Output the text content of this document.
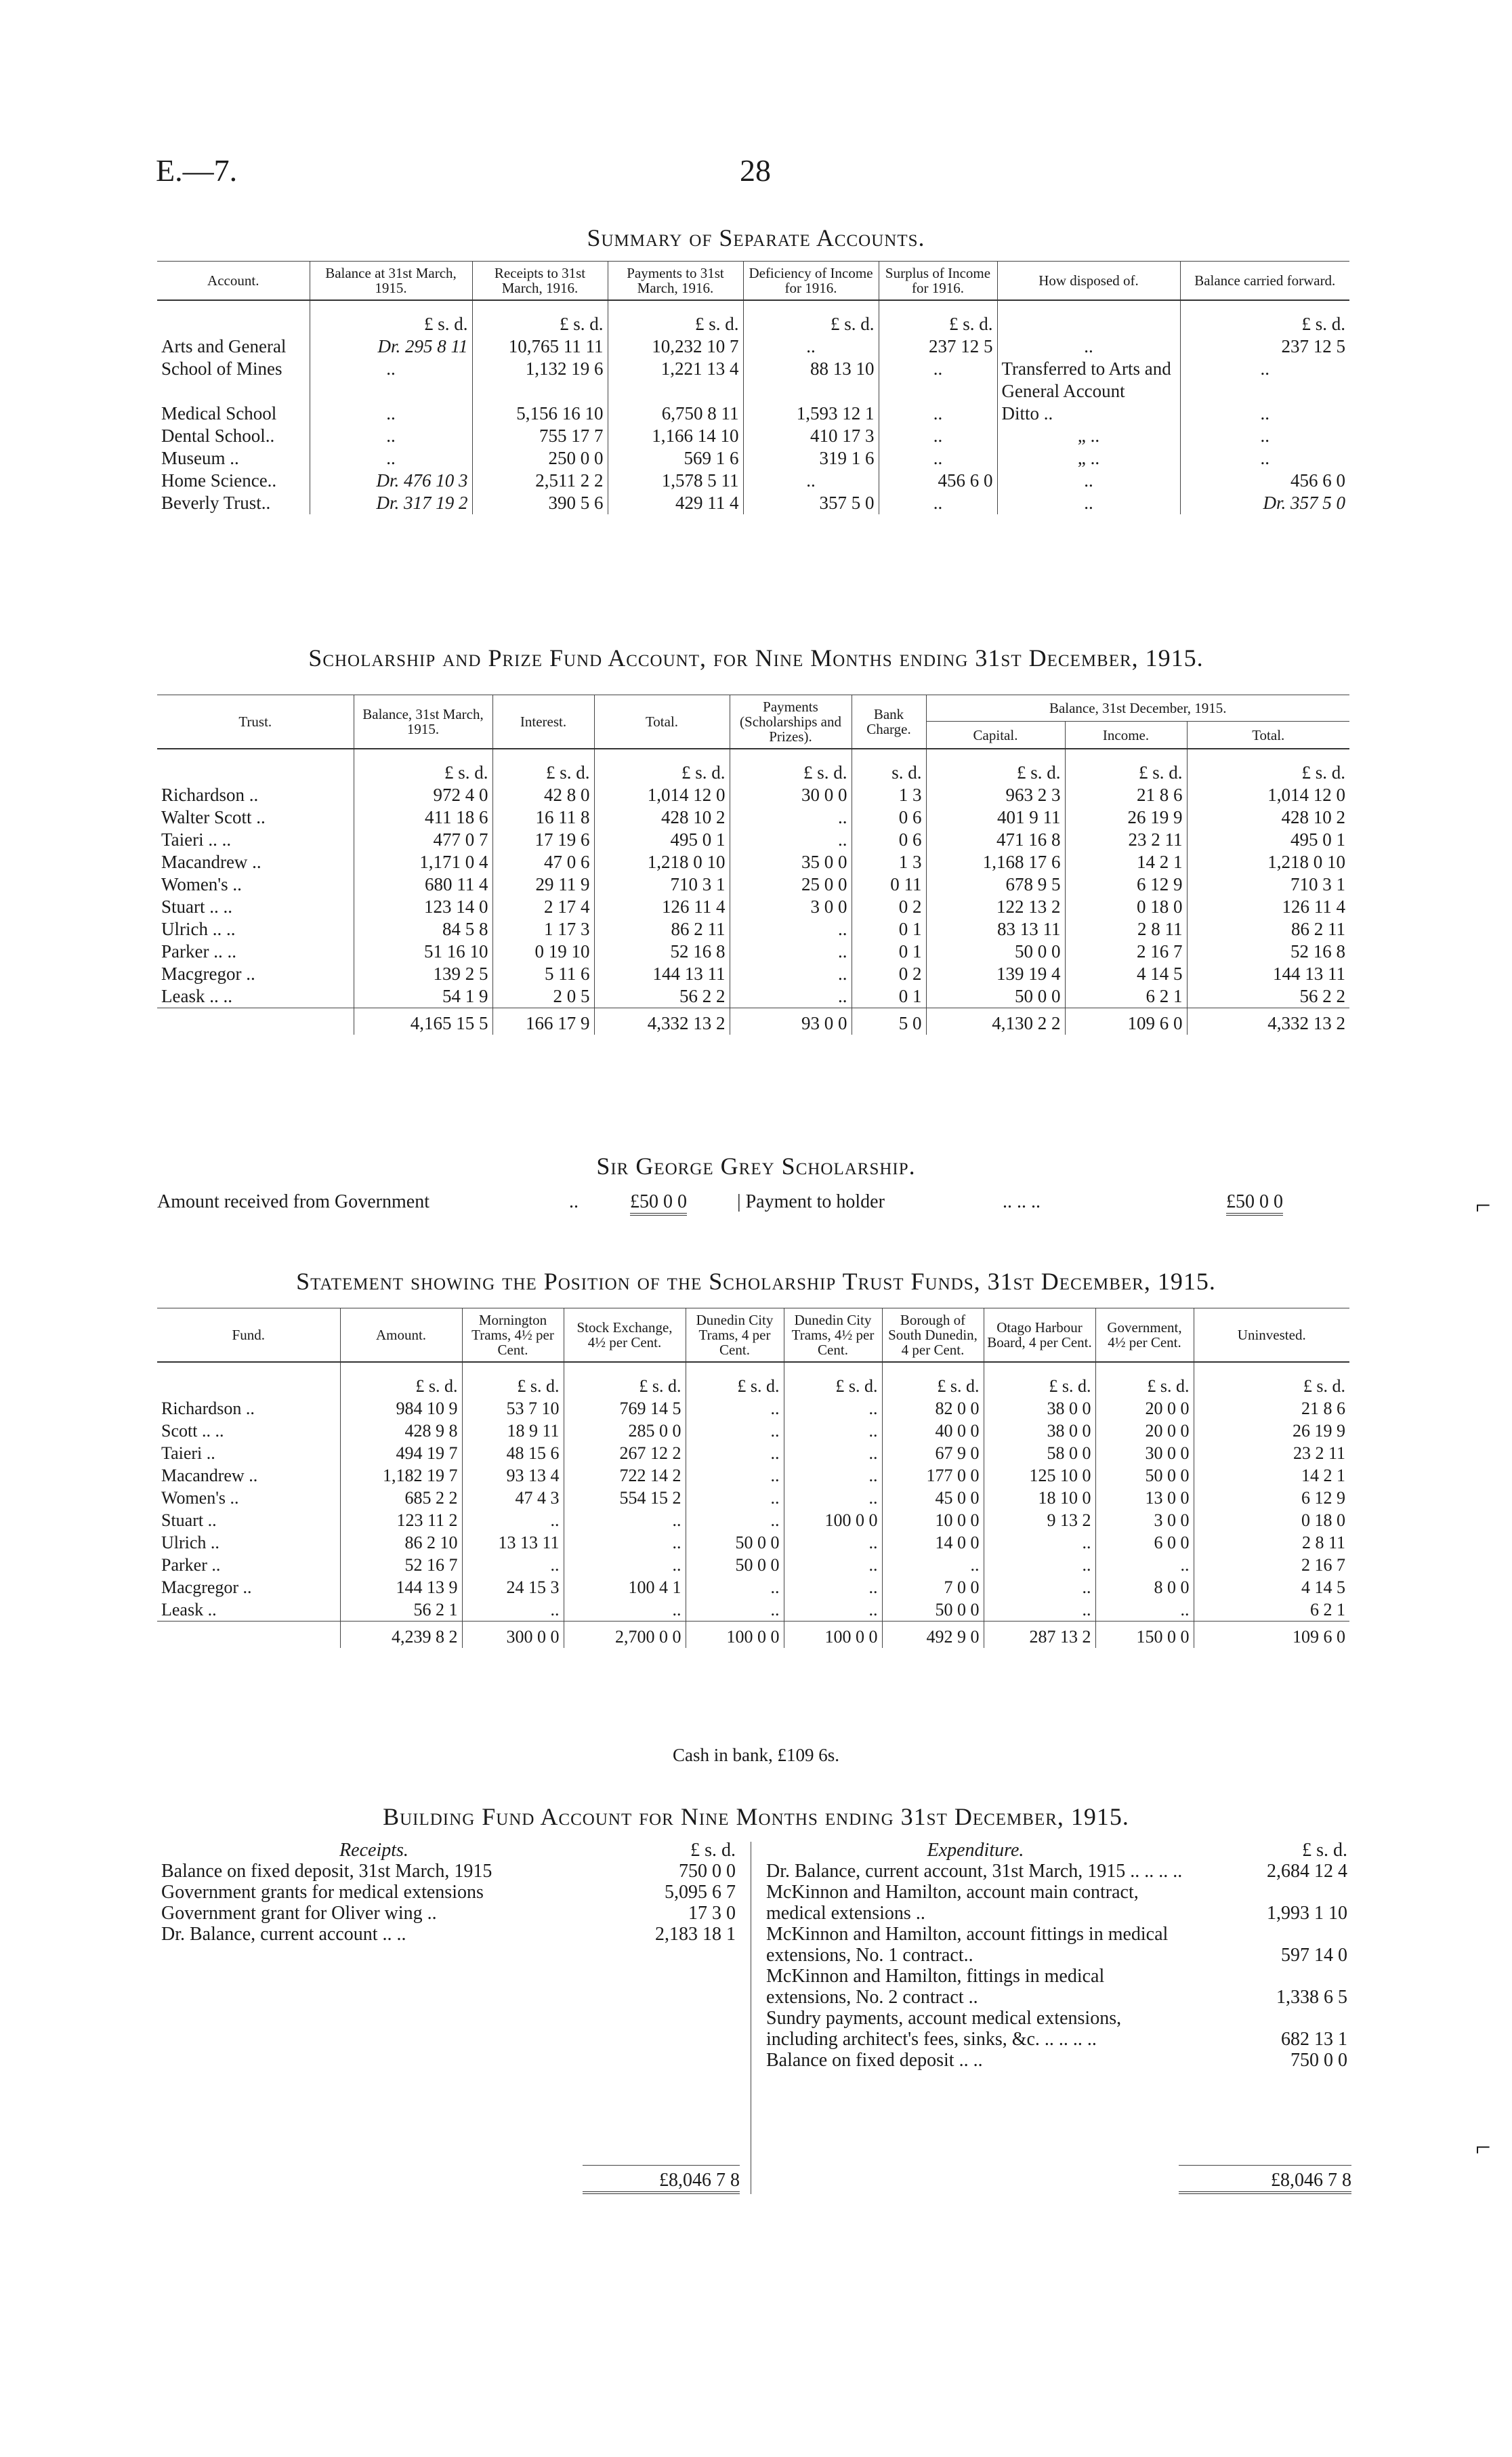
E.—7.	28
Summary of Separate Accounts.
Account.	Balance at 31st March, 1915.	Receipts to 31st March, 1916.	Payments to 31st March, 1916.	Deficiency of Income for 1916.	Surplus of Income for 1916.	How disposed of.	Balance carried forward.
	£ s. d.	£ s. d.	£ s. d.	£ s. d.	£ s. d.		£ s. d.
Arts and General	Dr. 295 8 11	10,765 11 11	10,232 10 7	..	237 12 5	..	237 12 5
School of Mines	..	1,132 19 6	1,221 13 4	88 13 10	..	Transferred to Arts and General Account	..
Medical School	..	5,156 16 10	6,750 8 11	1,593 12 1	..	Ditto ..	..
Dental School..	..	755 17 7	1,166 14 10	410 17 3	..	„ ..	..
Museum ..	..	250 0 0	569 1 6	319 1 6	..	„ ..	..
Home Science..	Dr. 476 10 3	2,511 2 2	1,578 5 11	..	456 6 0	..	456 6 0
Beverly Trust..	Dr. 317 19 2	390 5 6	429 11 4	357 5 0	..	..	Dr. 357 5 0
Scholarship and Prize Fund Account, for Nine Months ending 31st December, 1915.
Trust.	Balance, 31st March, 1915.	Interest.	Total.	Payments (Scholarships and Prizes).	Bank Charge.	Balance, 31st December, 1915.		
						Capital.	Income.	Total.
	£ s. d.	£ s. d.	£ s. d.	£ s. d.	s. d.	£ s. d.	£ s. d.	£ s. d.
Richardson ..	972 4 0	42 8 0	1,014 12 0	30 0 0	1 3	963 2 3	21 8 6	1,014 12 0
Walter Scott ..	411 18 6	16 11 8	428 10 2	..	0 6	401 9 11	26 19 9	428 10 2
Taieri .. ..	477 0 7	17 19 6	495 0 1	..	0 6	471 16 8	23 2 11	495 0 1
Macandrew ..	1,171 0 4	47 0 6	1,218 0 10	35 0 0	1 3	1,168 17 6	14 2 1	1,218 0 10
Women's ..	680 11 4	29 11 9	710 3 1	25 0 0	0 11	678 9 5	6 12 9	710 3 1
Stuart .. ..	123 14 0	2 17 4	126 11 4	3 0 0	0 2	122 13 2	0 18 0	126 11 4
Ulrich .. ..	84 5 8	1 17 3	86 2 11	..	0 1	83 13 11	2 8 11	86 2 11
Parker .. ..	51 16 10	0 19 10	52 16 8	..	0 1	50 0 0	2 16 7	52 16 8
Macgregor ..	139 2 5	5 11 6	144 13 11	..	0 2	139 19 4	4 14 5	144 13 11
Leask .. ..	54 1 9	2 0 5	56 2 2	..	0 1	50 0 0	6 2 1	56 2 2
	4,165 15 5	166 17 9	4,332 13 2	93 0 0	5 0	4,130 2 2	109 6 0	4,332 13 2
Sir George Grey Scholarship.
Amount received from Government	..	£50 0 0	| Payment to holder	.. .. ..	£50 0 0	⌐
Statement showing the Position of the Scholarship Trust Funds, 31st December, 1915.
Fund.	Amount.	Mornington Trams, 4½ per Cent.	Stock Exchange, 4½ per Cent.	Dunedin City Trams, 4 per Cent.	Dunedin City Trams, 4½ per Cent.	Borough of South Dunedin, 4 per Cent.	Otago Harbour Board, 4 per Cent.	Government, 4½ per Cent.	Uninvested.
	£ s. d.	£ s. d.	£ s. d.	£ s. d.	£ s. d.	£ s. d.	£ s. d.	£ s. d.	£ s. d.
Richardson ..	984 10 9	53 7 10	769 14 5	..	..	82 0 0	38 0 0	20 0 0	21 8 6
Scott .. ..	428 9 8	18 9 11	285 0 0	..	..	40 0 0	38 0 0	20 0 0	26 19 9
Taieri ..	494 19 7	48 15 6	267 12 2	..	..	67 9 0	58 0 0	30 0 0	23 2 11
Macandrew ..	1,182 19 7	93 13 4	722 14 2	..	..	177 0 0	125 10 0	50 0 0	14 2 1
Women's ..	685 2 2	47 4 3	554 15 2	..	..	45 0 0	18 10 0	13 0 0	6 12 9
Stuart ..	123 11 2	..	..	..	100 0 0	10 0 0	9 13 2	3 0 0	0 18 0
Ulrich ..	86 2 10	13 13 11	..	50 0 0	..	14 0 0	..	6 0 0	2 8 11
Parker ..	52 16 7	..	..	50 0 0	..	..	..	..	2 16 7
Macgregor ..	144 13 9	24 15 3	100 4 1	..	..	7 0 0	..	8 0 0	4 14 5
Leask ..	56 2 1	..	..	..	..	50 0 0	..	..	6 2 1
	4,239 8 2	300 0 0	2,700 0 0	100 0 0	100 0 0	492 9 0	287 13 2	150 0 0	109 6 0
Cash in bank, £109 6s.
Building Fund Account for Nine Months ending 31st December, 1915.
Receipts.	£ s. d.
Balance on fixed deposit, 31st March, 1915	750 0 0
Government grants for medical extensions	5,095 6 7
Government grant for Oliver wing ..	17 3 0
Dr. Balance, current account .. ..	2,183 18 1
£8,046 7 8
Expenditure.	£ s. d.
Dr. Balance, current account, 31st March, 1915 .. .. .. ..	2,684 12 4
McKinnon and Hamilton, account main contract, medical extensions ..	1,993 1 10
McKinnon and Hamilton, account fittings in medical extensions, No. 1 contract..	597 14 0
McKinnon and Hamilton, fittings in medical extensions, No. 2 contract ..	1,338 6 5
Sundry payments, account medical extensions, including architect's fees, sinks, &c. .. .. .. ..	682 13 1
Balance on fixed deposit .. ..	750 0 0
£8,046 7 8
⌐
